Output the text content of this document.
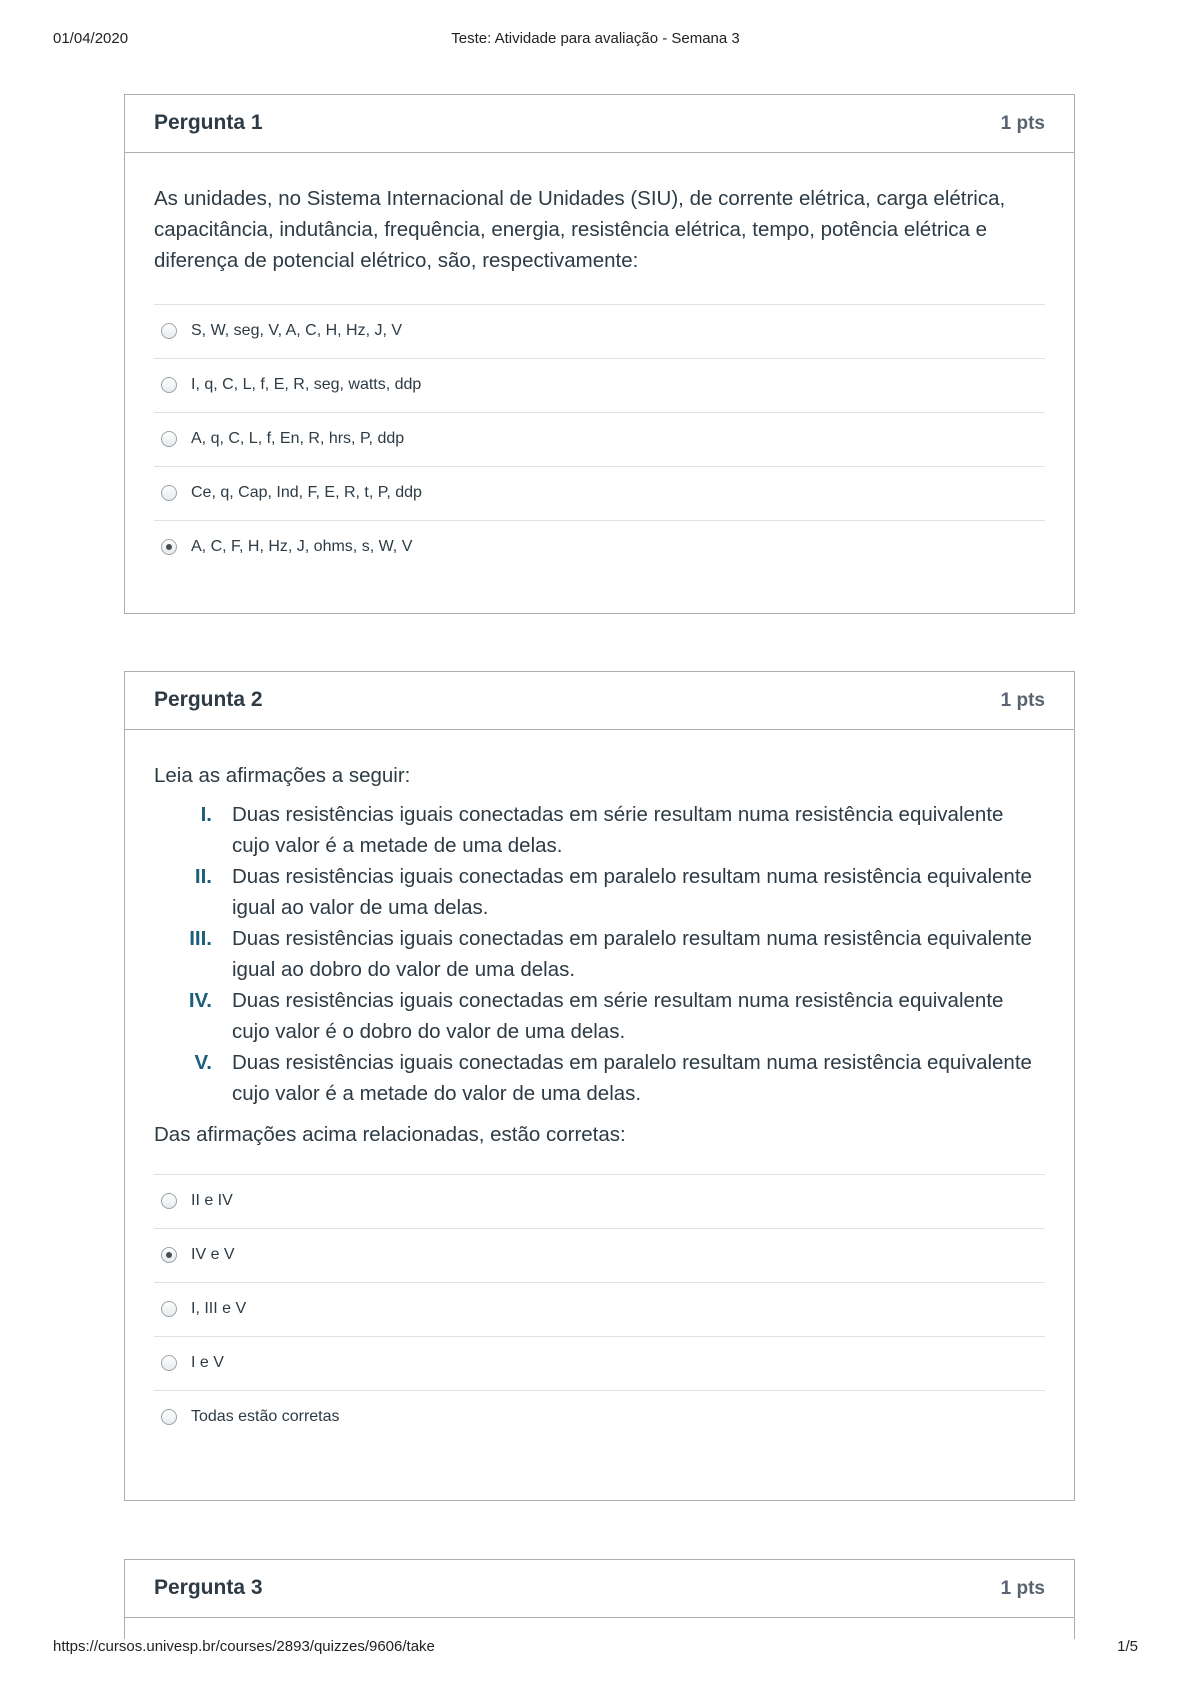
01/04/2020	Teste: Atividade para avaliação - Semana 3
Pergunta 1	1 pts

As unidades, no Sistema Internacional de Unidades (SIU), de corrente elétrica, carga elétrica, capacitância, indutância, frequência, energia, resistência elétrica, tempo, potência elétrica e diferença de potencial elétrico, são, respectivamente:

S, W, seg, V, A, C, H, Hz, J, V
I, q, C, L, f, E, R, seg, watts, ddp
A, q, C, L, f, En, R, hrs, P, ddp
Ce, q, Cap, Ind, F, E, R, t, P, ddp
A, C, F, H, Hz, J, ohms, s, W, V
Pergunta 2	1 pts

Leia as afirmações a seguir:

I. Duas resistências iguais conectadas em série resultam numa resistência equivalente cujo valor é a metade de uma delas.
II. Duas resistências iguais conectadas em paralelo resultam numa resistência equivalente igual ao valor de uma delas.
III. Duas resistências iguais conectadas em paralelo resultam numa resistência equivalente igual ao dobro do valor de uma delas.
IV. Duas resistências iguais conectadas em série resultam numa resistência equivalente cujo valor é o dobro do valor de uma delas.
V. Duas resistências iguais conectadas em paralelo resultam numa resistência equivalente cujo valor é a metade do valor de uma delas.

Das afirmações acima relacionadas, estão corretas:

II e IV
IV e V
I, III e V
I e V
Todas estão corretas
Pergunta 3	1 pts
https://cursos.univesp.br/courses/2893/quizzes/9606/take	1/5
